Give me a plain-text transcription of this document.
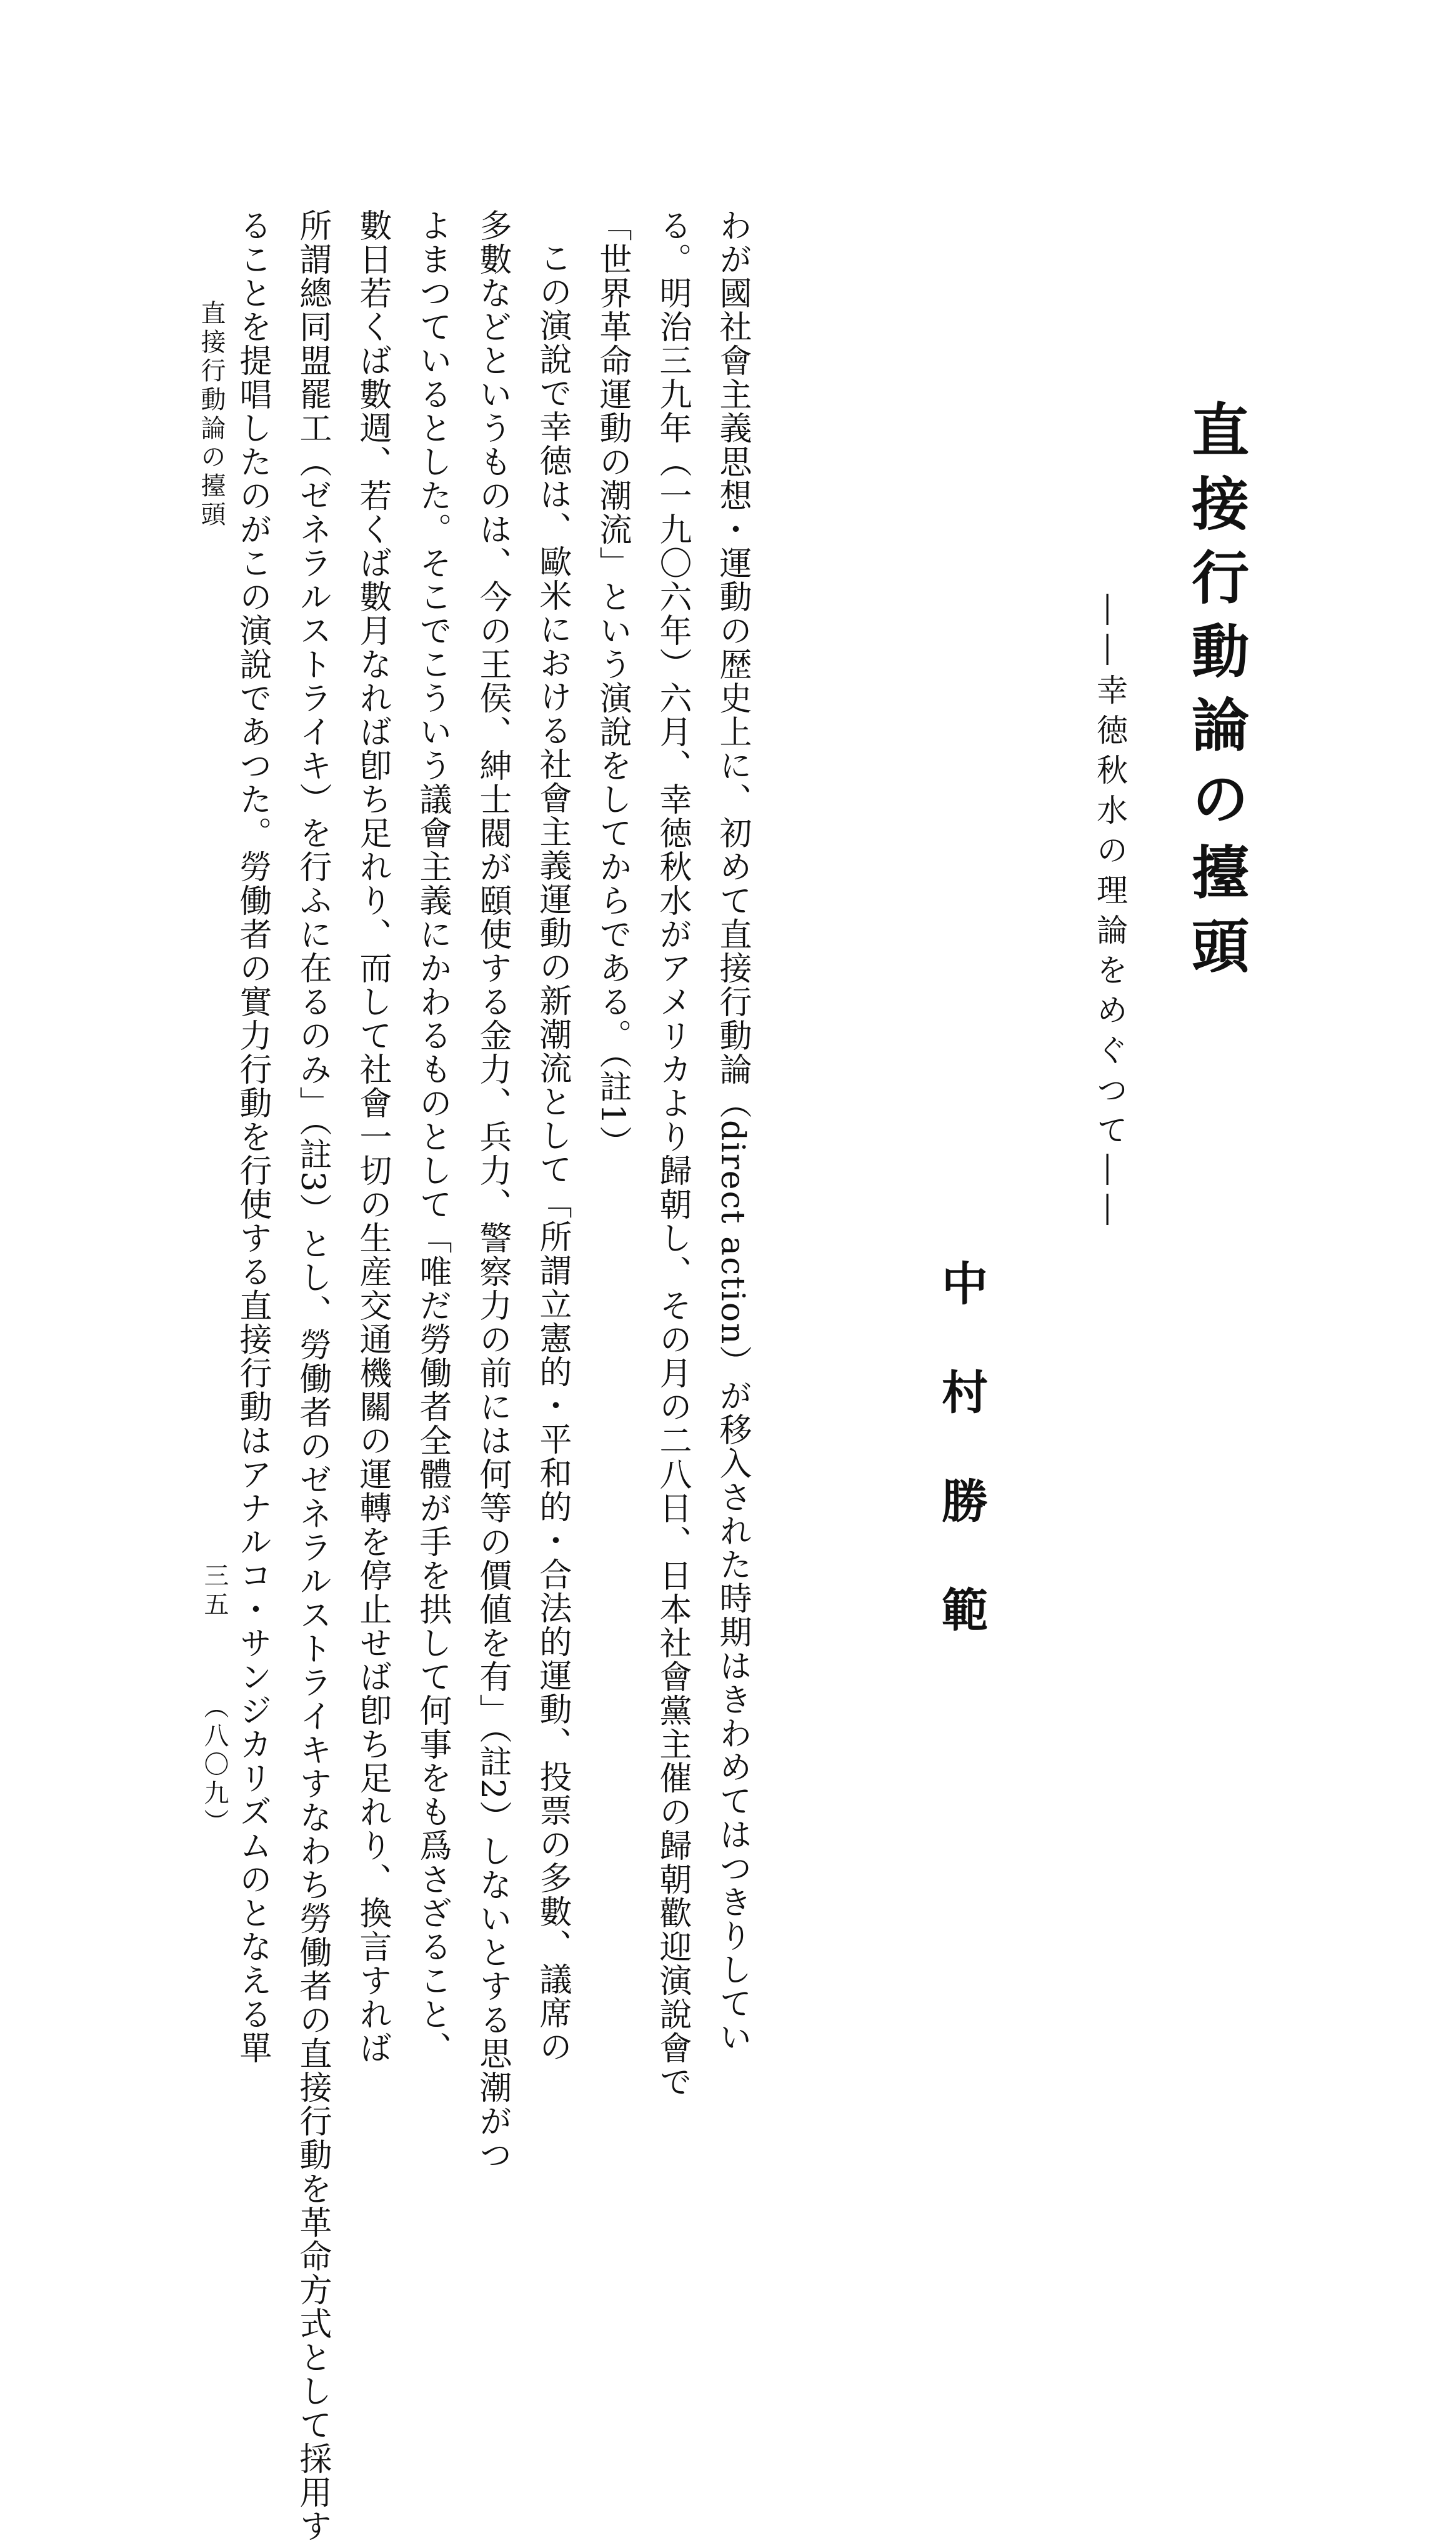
直接行動論の擡頭
――幸徳秋水の理論をめぐつて――
中村勝範
わが國社會主義思想・運動の歴史上に、初めて直接行動論（direct action）が移入された時期はきわめてはつきりしてい
る。明治三九年（一九〇六年）六月、幸徳秋水がアメリカより歸朝し、その月の二八日、日本社會黨主催の歸朝歡迎演說會で
「世界革命運動の潮流」という演說をしてからである。（註1）
この演說で幸徳は、歐米における社會主義運動の新潮流として「所謂立憲的・平和的・合法的運動、投票の多數、議席の
多數などというものは、今の王侯、紳士閥が頤使する金力、兵力、警察力の前には何等の價値を有」（註2）しないとする思潮がつ
よまつているとした。そこでこういう議會主義にかわるものとして「唯だ勞働者全體が手を拱して何事をも爲さざること、
數日若くば數週、若くば數月なれば卽ち足れり、而して社會一切の生産交通機關の運轉を停止せば卽ち足れり、換言すれば
所謂總同盟罷工（ゼネラルストライキ）を行ふに在るのみ」（註3）とし、勞働者のゼネラルストライキすなわち勞働者の直接行動を革命方式として採用す
ることを提唱したのがこの演說であつた。勞働者の實力行動を行使する直接行動はアナルコ・サンジカリズムのとなえる單
直接行動論の擡頭
三五
（八〇九）
